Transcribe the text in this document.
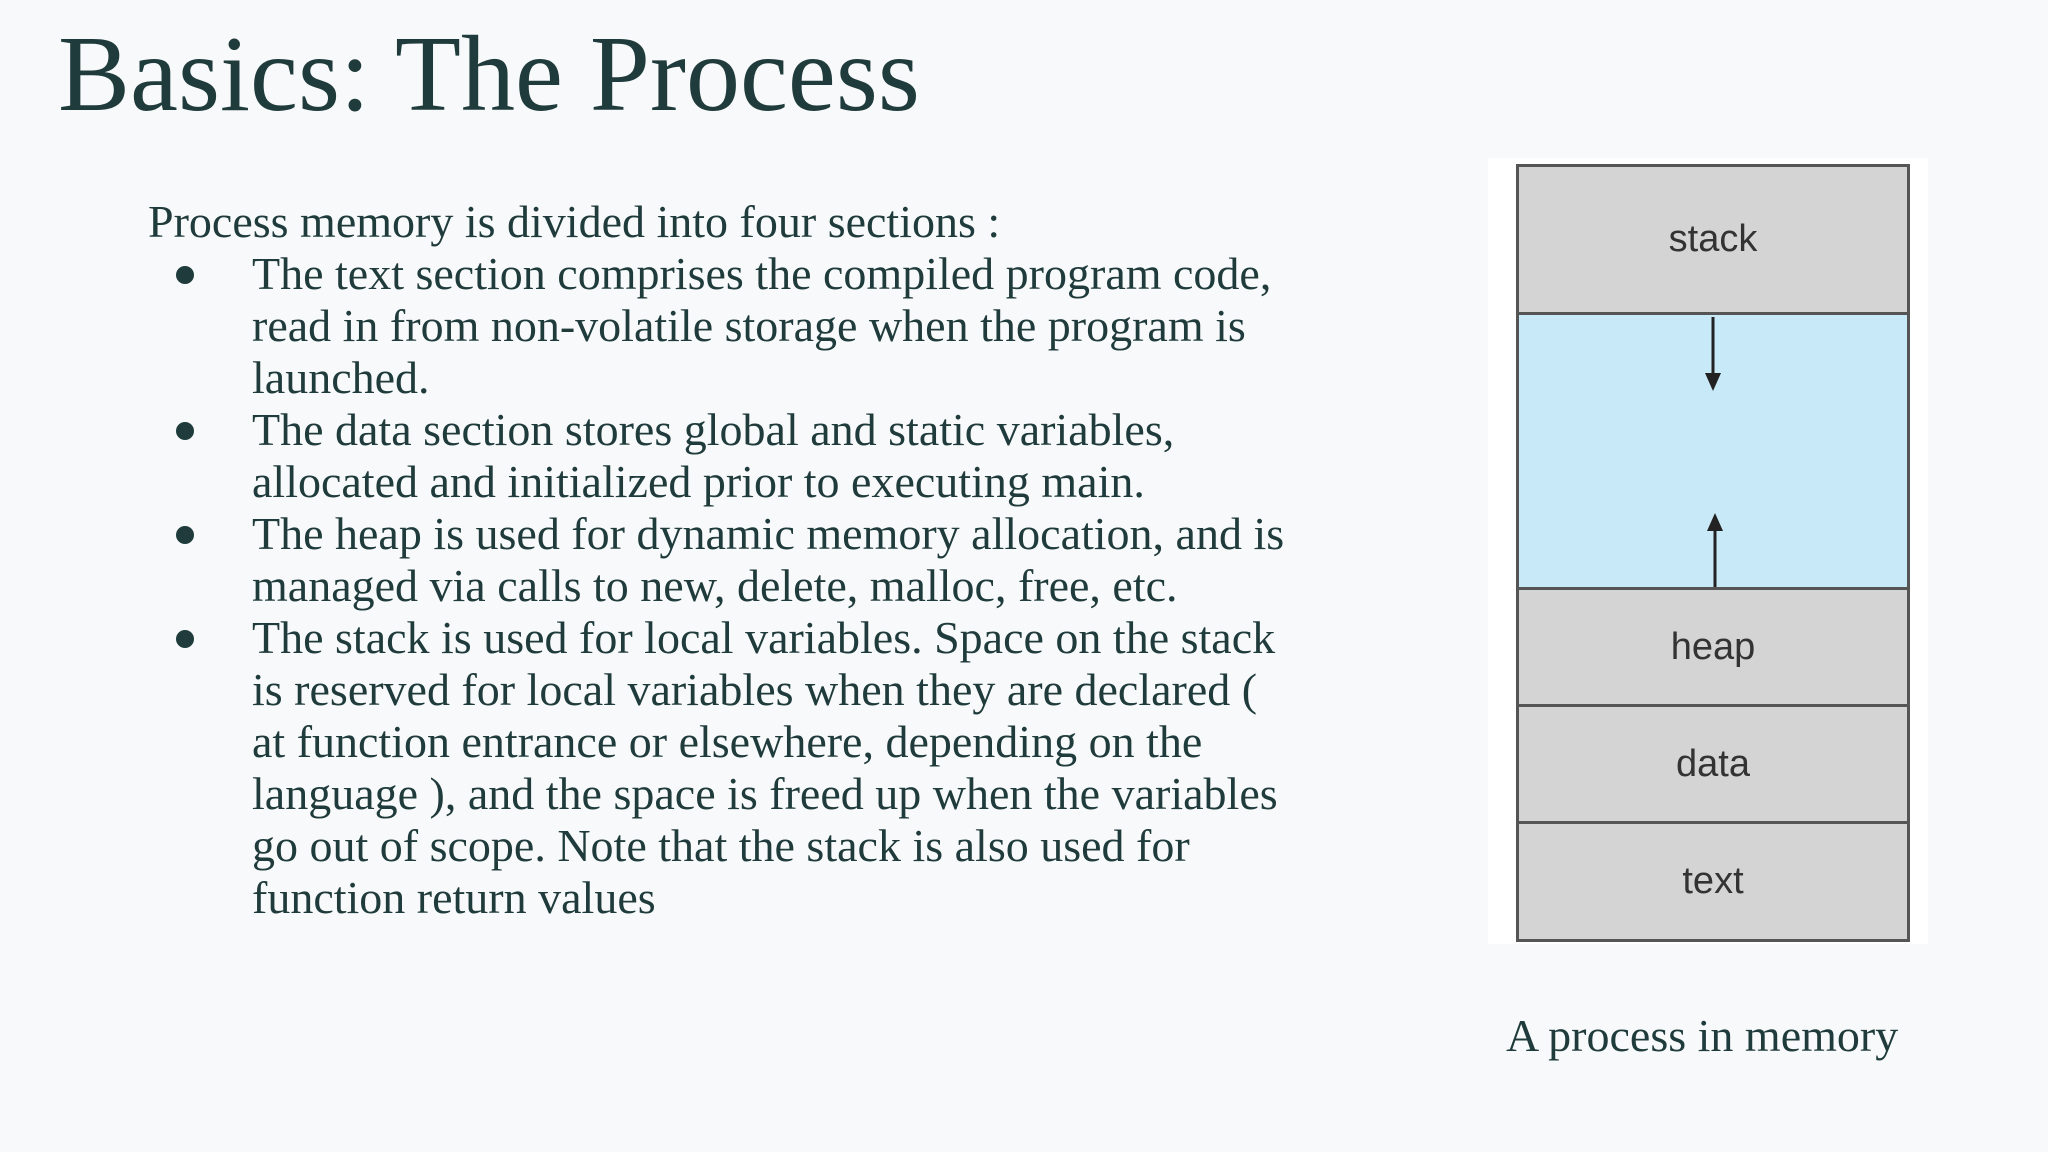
Basics: The Process

Process memory is divided into four sections :

The text section comprises the compiled program code, read in from non-volatile storage when the program is launched.
The data section stores global and static variables, allocated and initialized prior to executing main.
The heap is used for dynamic memory allocation, and is managed via calls to new, delete, malloc, free, etc.
The stack is used for local variables. Space on the stack is reserved for local variables when they are declared ( at function entrance or elsewhere, depending on the language ), and the space is freed up when the variables go out of scope. Note that the stack is also used for function return values
stack
heap
data
text
A process in memory
